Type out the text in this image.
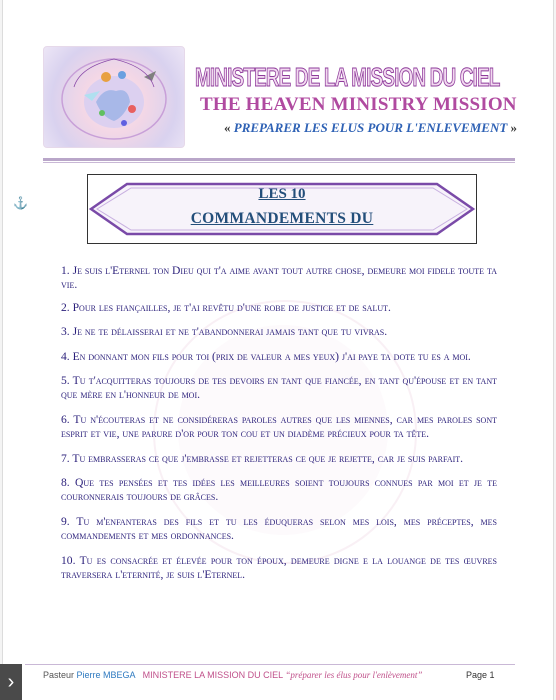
MINISTERE DE LA MISSION DU CIEL
THE HEAVEN MINISTRY MISSION
« PREPARER LES ELUS POUR L'ENLEVEMENT »
⚓
LES 10
COMMANDEMENTS DU

1. Je suis l'Eternel ton Dieu qui t'a aime avant tout autre chose, demeure moi fidele toute ta vie.

2. Pour les fiançailles, je t'ai revêtu d'une robe de justice et de salut.

3. Je ne te délaisserai et ne t'abandonnerai jamais tant que tu vivras.

4. En donnant mon fils pour toi (prix de valeur a mes yeux) j'ai paye ta dote tu es a moi.

5. Tu t'acquitteras toujours de tes devoirs en tant que fiancée, en tant qu'épouse et en tant que mère en l'honneur de moi.

6. Tu n'écouteras et ne considéreras paroles autres que les miennes, car mes paroles sont esprit et vie, une parure d'or pour ton cou et un diadème précieux pour ta tête.

7. Tu embrasseras ce que j'embrasse et rejetteras ce que je rejette, car je suis parfait.

8. Que tes pensées et tes idées les meilleures soient toujours connues par moi et je te couronnerais toujours de grâces.

9. Tu m'enfanteras des fils et tu les éduqueras selon mes lois, mes préceptes, mes commandements et mes ordonnances.

10. Tu es consacrée et élevée pour ton époux, demeure digne e la louange de tes œuvres traversera l'eternité, je suis l'Eternel.

Pasteur Pierre MBEGA MINISTERE LA MISSION DU CIEL “préparer les élus pour l'enlèvement”	Page 1
›
